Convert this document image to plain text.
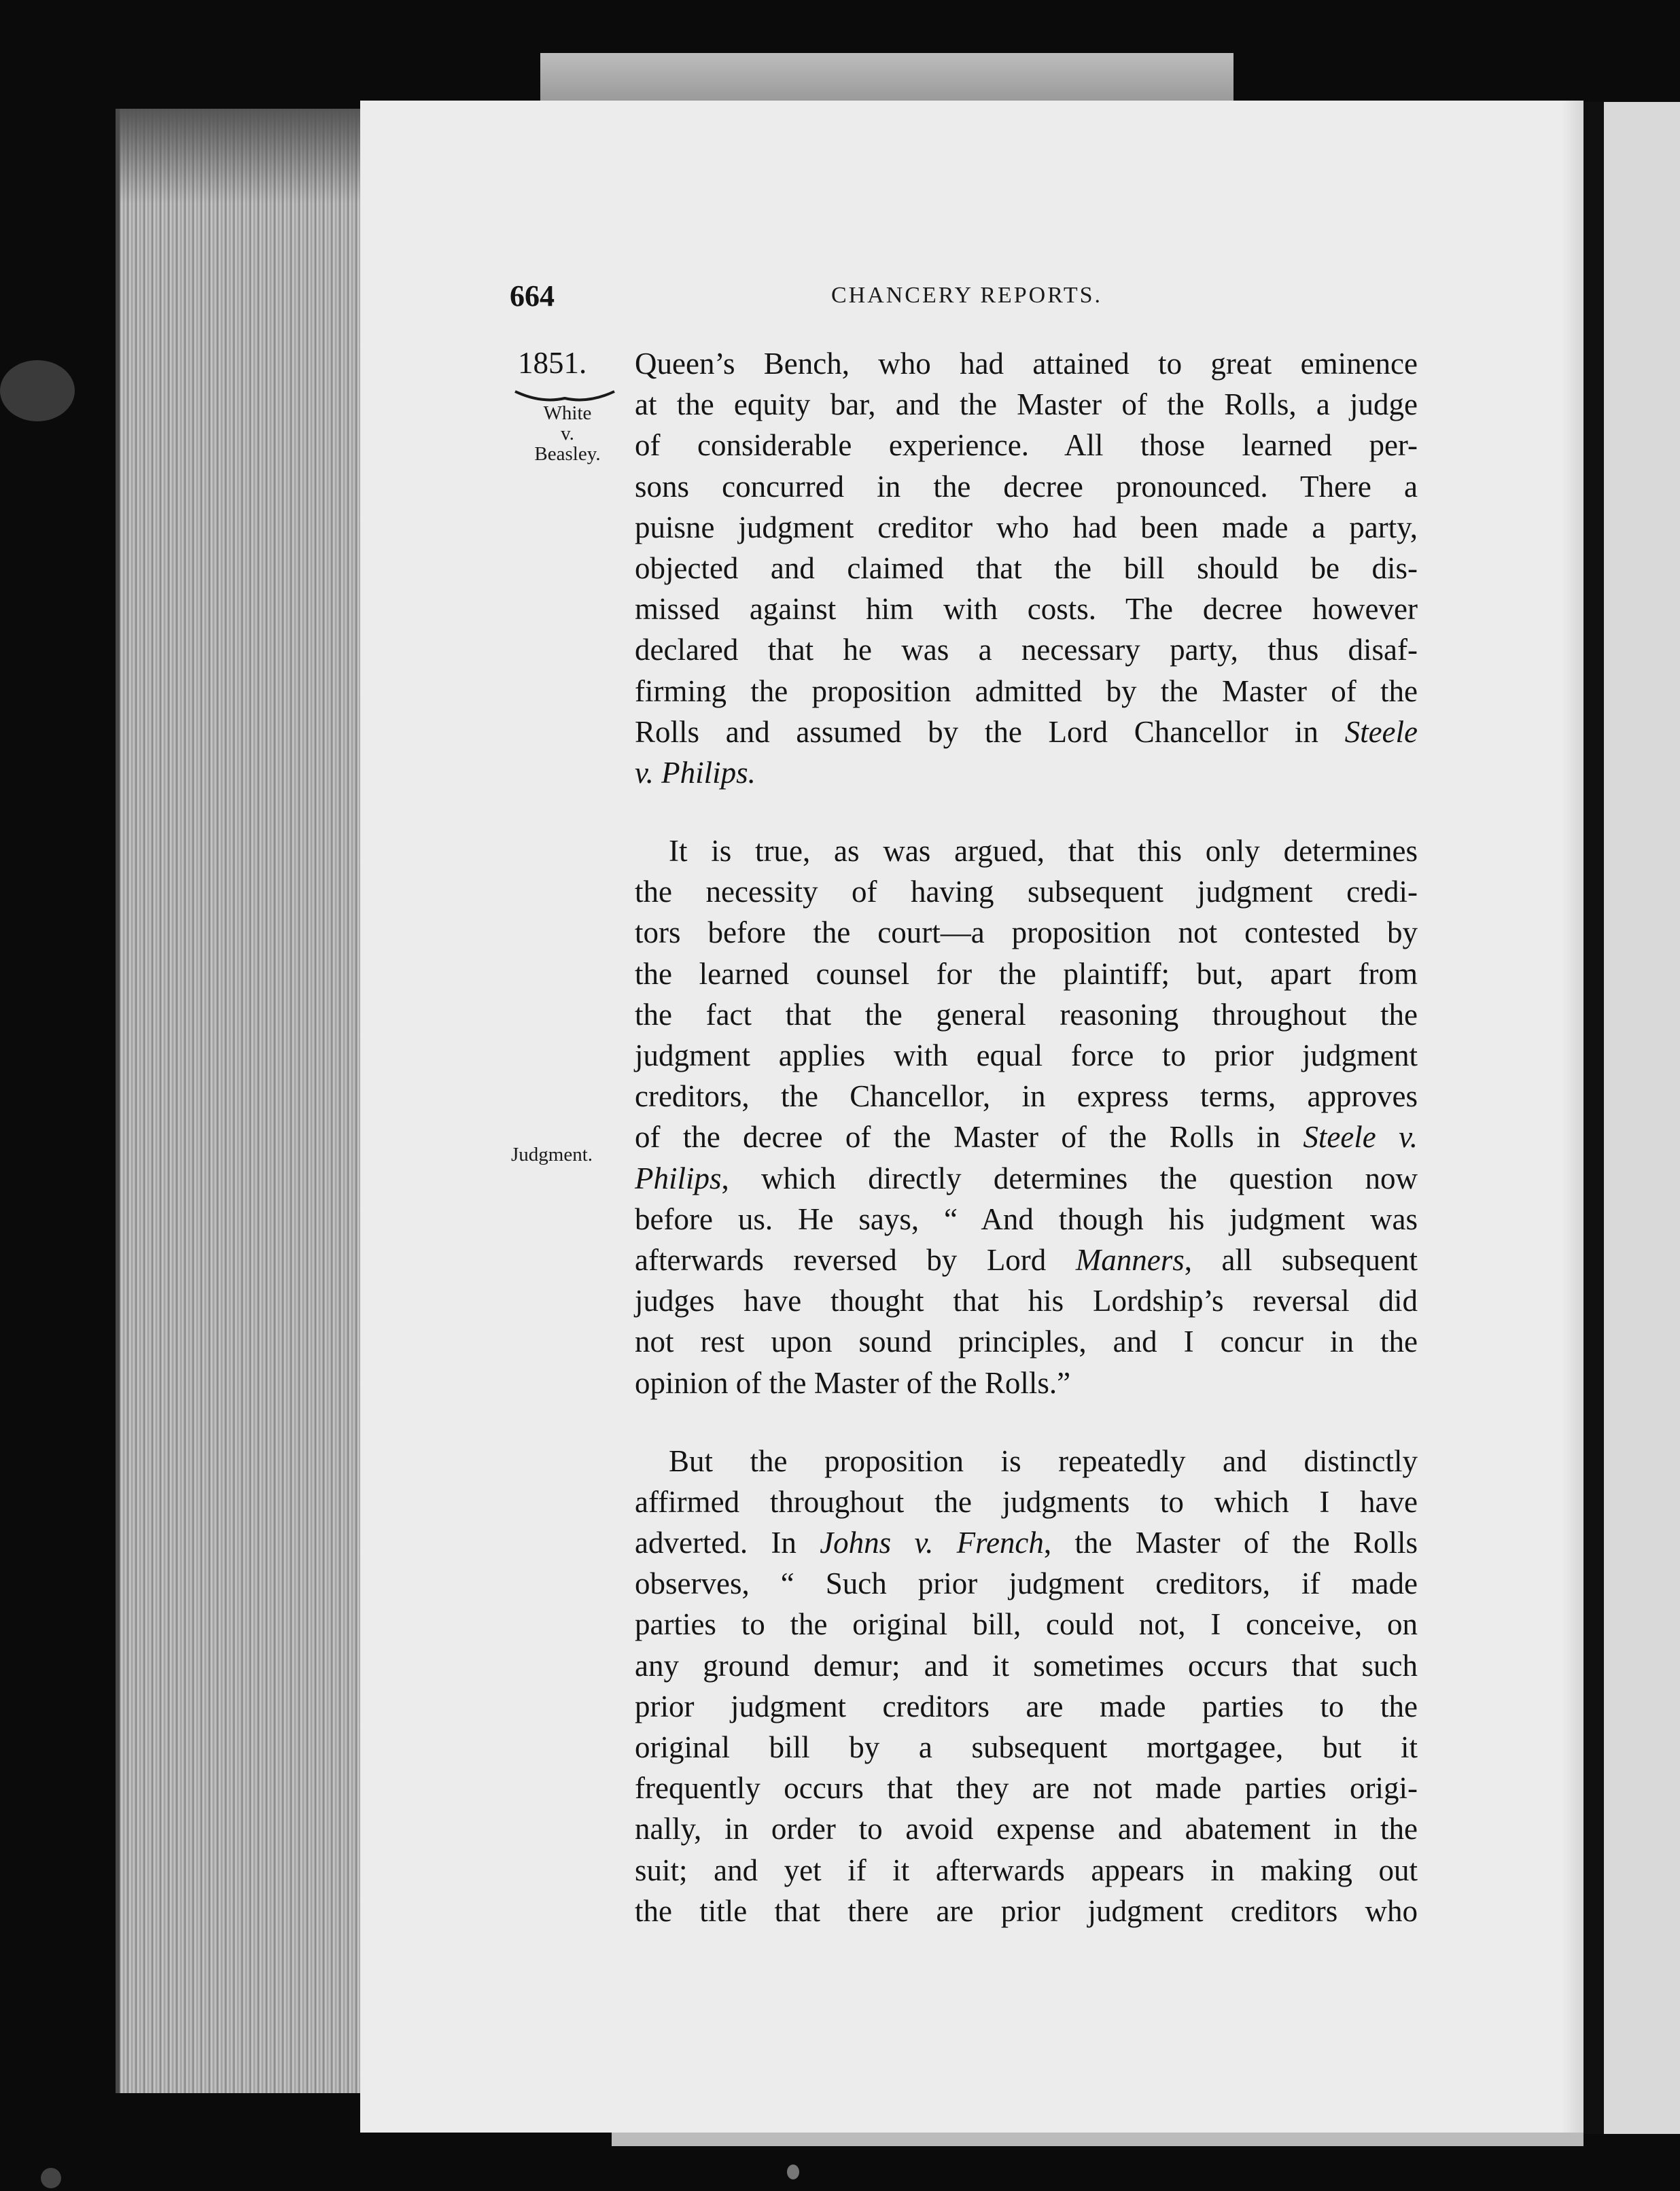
664	CHANCERY REPORTS.
1851.
White
v.
Beasley.
Judgment.
Queen’s Bench, who had attained to great eminence
at the equity bar, and the Master of the Rolls, a judge
of considerable experience. All those learned per-
sons concurred in the decree pronounced. There a
puisne judgment creditor who had been made a party,
objected and claimed that the bill should be dis-
missed against him with costs. The decree however
declared that he was a necessary party, thus disaf-
firming the proposition admitted by the Master of the
Rolls and assumed by the Lord Chancellor in Steele
v. Philips.
It is true, as was argued, that this only determines
the necessity of having subsequent judgment credi-
tors before the court—a proposition not contested by
the learned counsel for the plaintiff; but, apart from
the fact that the general reasoning throughout the
judgment applies with equal force to prior judgment
creditors, the Chancellor, in express terms, approves
of the decree of the Master of the Rolls in Steele v.
Philips, which directly determines the question now
before us. He says, “ And though his judgment was
afterwards reversed by Lord Manners, all subsequent
judges have thought that his Lordship’s reversal did
not rest upon sound principles, and I concur in the
opinion of the Master of the Rolls.”
But the proposition is repeatedly and distinctly
affirmed throughout the judgments to which I have
adverted. In Johns v. French, the Master of the Rolls
observes, “ Such prior judgment creditors, if made
parties to the original bill, could not, I conceive, on
any ground demur; and it sometimes occurs that such
prior judgment creditors are made parties to the
original bill by a subsequent mortgagee, but it
frequently occurs that they are not made parties origi-
nally, in order to avoid expense and abatement in the
suit; and yet if it afterwards appears in making out
the title that there are prior judgment creditors who
